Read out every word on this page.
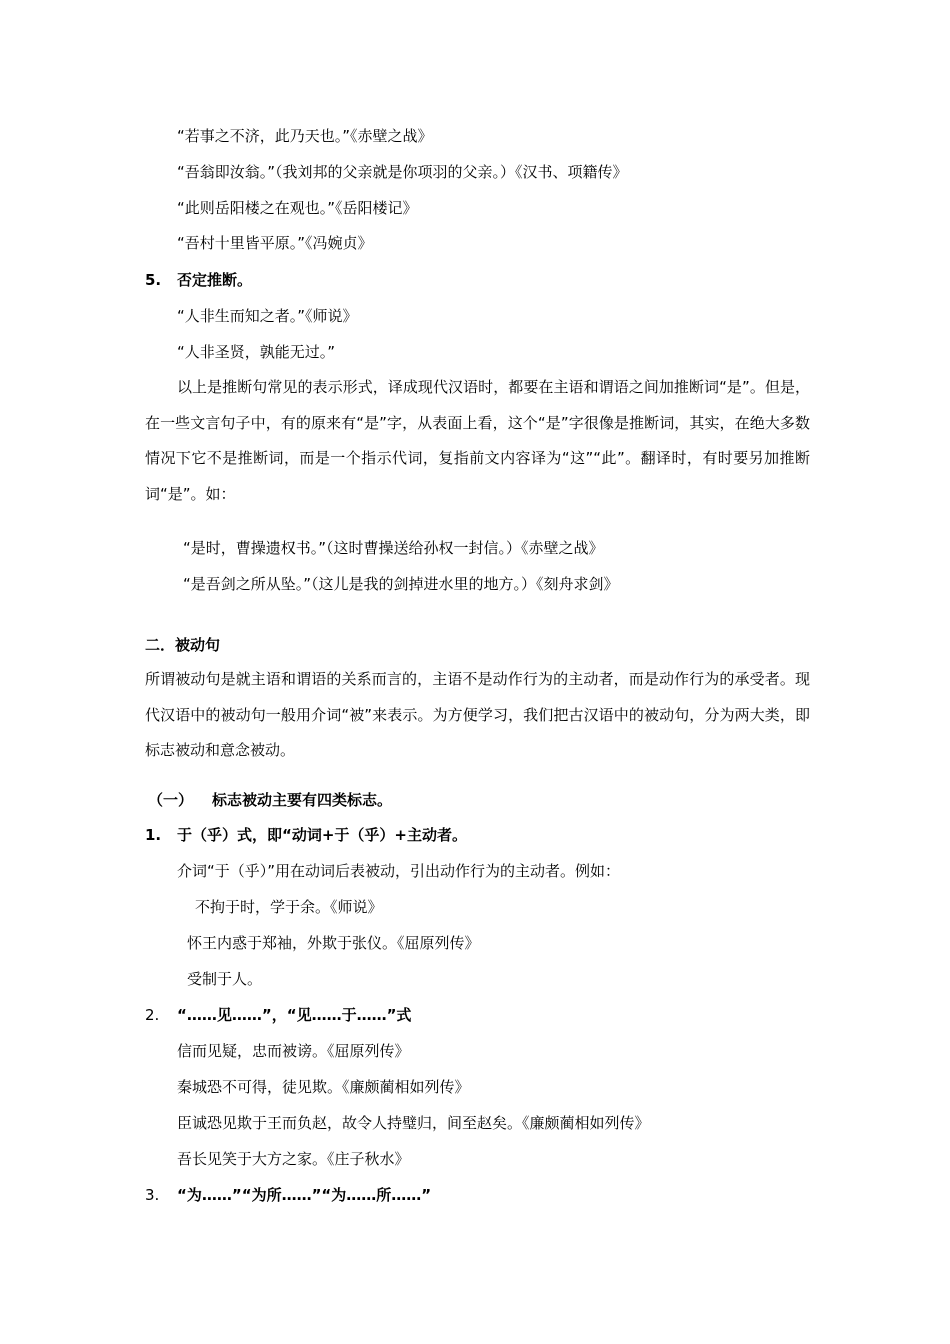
“若事之不济，此乃天也。”《赤壁之战》
“吾翁即汝翁。”（我刘邦的父亲就是你项羽的父亲。）《汉书、项籍传》
“此则岳阳楼之在观也。”《岳阳楼记》
“吾村十里皆平原。”《冯婉贞》
5. 否定推断。
“人非生而知之者。”《师说》
“人非圣贤，孰能无过。”
以上是推断句常见的表示形式，译成现代汉语时，都要在主语和谓语之间加推断词“是”。但是，在一些文言句子中，有的原来有“是”字，从表面上看，这个“是”字很像是推断词，其实，在绝大多数情况下它不是推断词，而是一个指示代词，复指前文内容译为“这”“此”。翻译时，有时要另加推断词“是”。如：
“是时，曹操遗权书。”（这时曹操送给孙权一封信。）《赤壁之战》
“是吾剑之所从坠。”（这儿是我的剑掉进水里的地方。）《刻舟求剑》
二．被动句
所谓被动句是就主语和谓语的关系而言的，主语不是动作行为的主动者，而是动作行为的承受者。现代汉语中的被动句一般用介词“被”来表示。为方便学习，我们把古汉语中的被动句，分为两大类，即标志被动和意念被动。
（一） 标志被动主要有四类标志。
1. 于（乎）式，即“动词+于（乎）+主动者。
介词“于（乎）”用在动词后表被动，引出动作行为的主动者。例如：
不拘于时，学于余。《师说》
怀王内惑于郑袖，外欺于张仪。《屈原列传》
受制于人。
2. “……见……”，“见……于……”式
信而见疑，忠而被谤。《屈原列传》
秦城恐不可得，徒见欺。《廉颇蔺相如列传》
臣诚恐见欺于王而负赵，故令人持璧归，间至赵矣。《廉颇蔺相如列传》
吾长见笑于大方之家。《庄子秋水》
3. “为……”“为所……”“为……所……”
